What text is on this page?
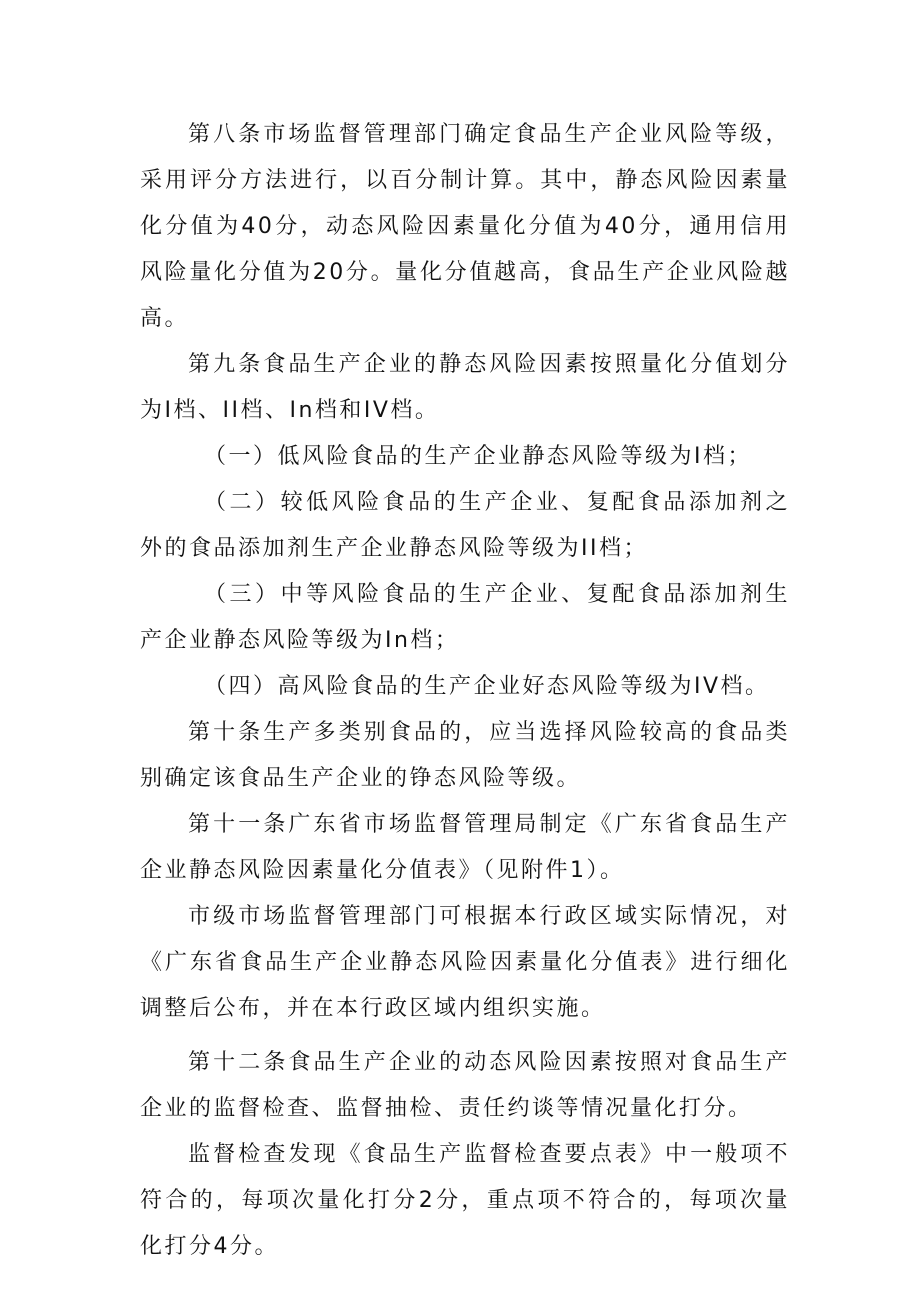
第八条市场监督管理部门确定食品生产企业风险等级，采用评分方法进行，以百分制计算。其中，静态风险因素量化分值为40分，动态风险因素量化分值为40分，通用信用风险量化分值为20分。量化分值越高，食品生产企业风险越高。

第九条食品生产企业的静态风险因素按照量化分值划分为I档、II档、In档和IV档。

（一）低风险食品的生产企业静态风险等级为I档；

（二）较低风险食品的生产企业、复配食品添加剂之外的食品添加剂生产企业静态风险等级为II档；

（三）中等风险食品的生产企业、复配食品添加剂生产企业静态风险等级为In档；

（四）高风险食品的生产企业好态风险等级为IV档。

第十条生产多类别食品的，应当选择风险较高的食品类别确定该食品生产企业的铮态风险等级。

第十一条广东省市场监督管理局制定《广东省食品生产企业静态风险因素量化分值表》（见附件1）。

市级市场监督管理部门可根据本行政区域实际情况，对《广东省食品生产企业静态风险因素量化分值表》进行细化调整后公布，并在本行政区域内组织实施。

第十二条食品生产企业的动态风险因素按照对食品生产企业的监督检查、监督抽检、责任约谈等情况量化打分。

监督检查发现《食品生产监督检查要点表》中一般项不符合的，每项次量化打分2分，重点项不符合的，每项次量化打分4分。
